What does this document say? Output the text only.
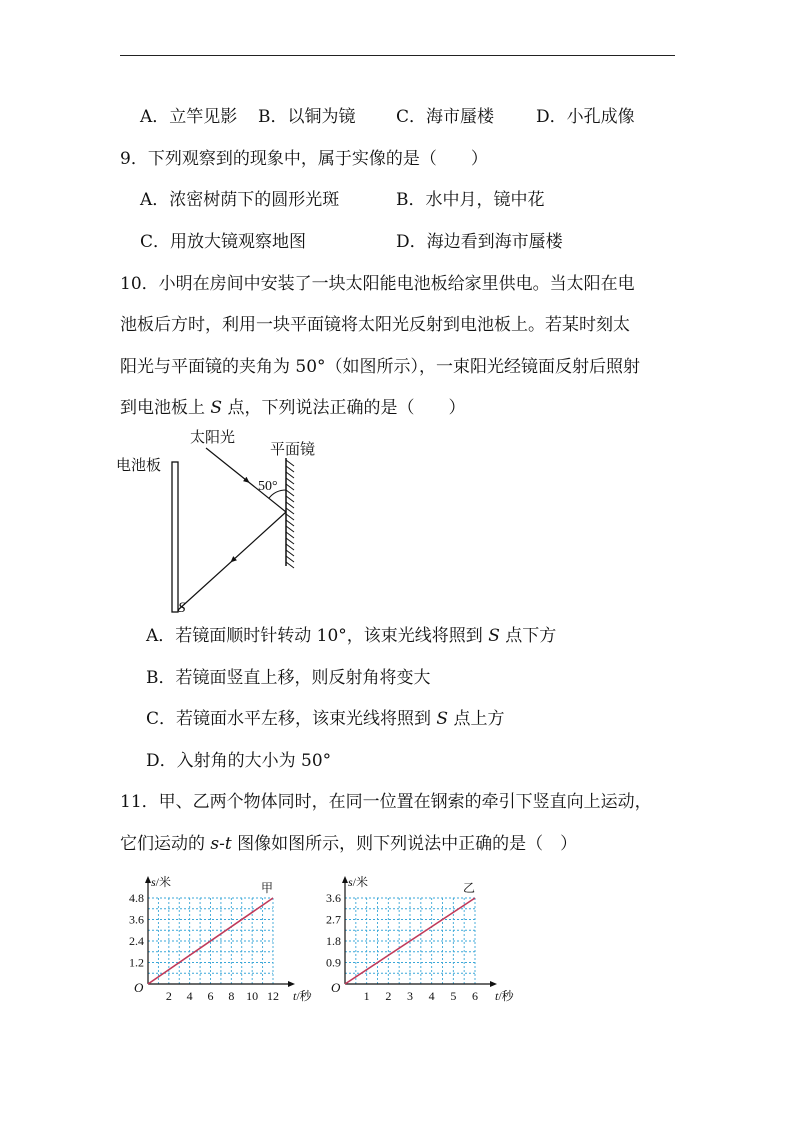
A．立竿见影 B．以铜为镜 C．海市蜃楼 D．小孔成像
9．下列观察到的现象中，属于实像的是（　　）
A．浓密树荫下的圆形光斑	B．水中月，镜中花
C．用放大镜观察地图	D．海边看到海市蜃楼
10．小明在房间中安装了一块太阳能电池板给家里供电。当太阳在电
池板后方时，利用一块平面镜将太阳光反射到电池板上。若某时刻太
阳光与平面镜的夹角为 50°（如图所示），一束阳光经镜面反射后照射
到电池板上 S 点，下列说法正确的是（　　）
电池板
太阳光
平面镜
50°
S
A．若镜面顺时针转动 10°，该束光线将照到 S 点下方
B．若镜面竖直上移，则反射角将变大
C．若镜面水平左移，该束光线将照到 S 点上方
D．入射角的大小为 50°
11．甲、乙两个物体同时，在同一位置在钢索的牵引下竖直向上运动，
它们运动的 s-t 图像如图所示，则下列说法中正确的是（　）
2 4 6 8 10 12
1.2
2.4
3.6
4.8
O
t/秒
s/米	甲
1 2 3 4 5 6
0.9
1.8
2.7
3.6
O
t/秒
s/米	乙
